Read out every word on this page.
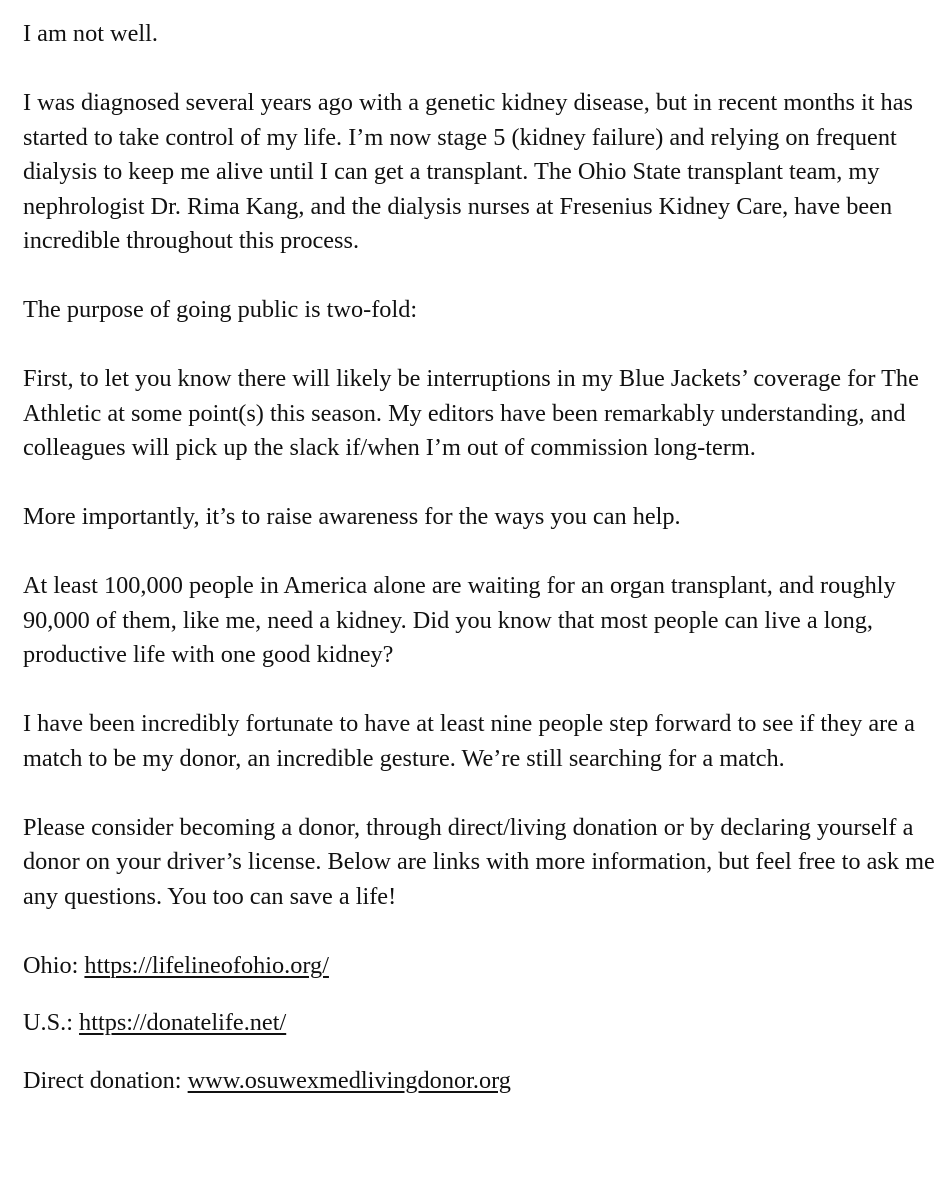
I am not well.

I was diagnosed several years ago with a genetic kidney disease, but in recent months it has started to take control of my life. I’m now stage 5 (kidney failure) and relying on frequent dialysis to keep me alive until I can get a transplant. The Ohio State transplant team, my nephrologist Dr. Rima Kang, and the dialysis nurses at Fresenius Kidney Care, have been incredible throughout this process.

The purpose of going public is two-fold:

First, to let you know there will likely be interruptions in my Blue Jackets’ coverage for The Athletic at some point(s) this season. My editors have been remarkably understanding, and colleagues will pick up the slack if/when I’m out of commission long-term.

More importantly, it’s to raise awareness for the ways you can help.

At least 100,000 people in America alone are waiting for an organ transplant, and roughly 90,000 of them, like me, need a kidney. Did you know that most people can live a long, productive life with one good kidney?

I have been incredibly fortunate to have at least nine people step forward to see if they are a match to be my donor, an incredible gesture. We’re still searching for a match.

Please consider becoming a donor, through direct/living donation or by declaring yourself a donor on your driver’s license. Below are links with more information, but feel free to ask me any questions. You too can save a life!

Ohio: https://lifelineofohio.org/

U.S.: https://donatelife.net/

Direct donation: www.osuwexmedlivingdonor.org
